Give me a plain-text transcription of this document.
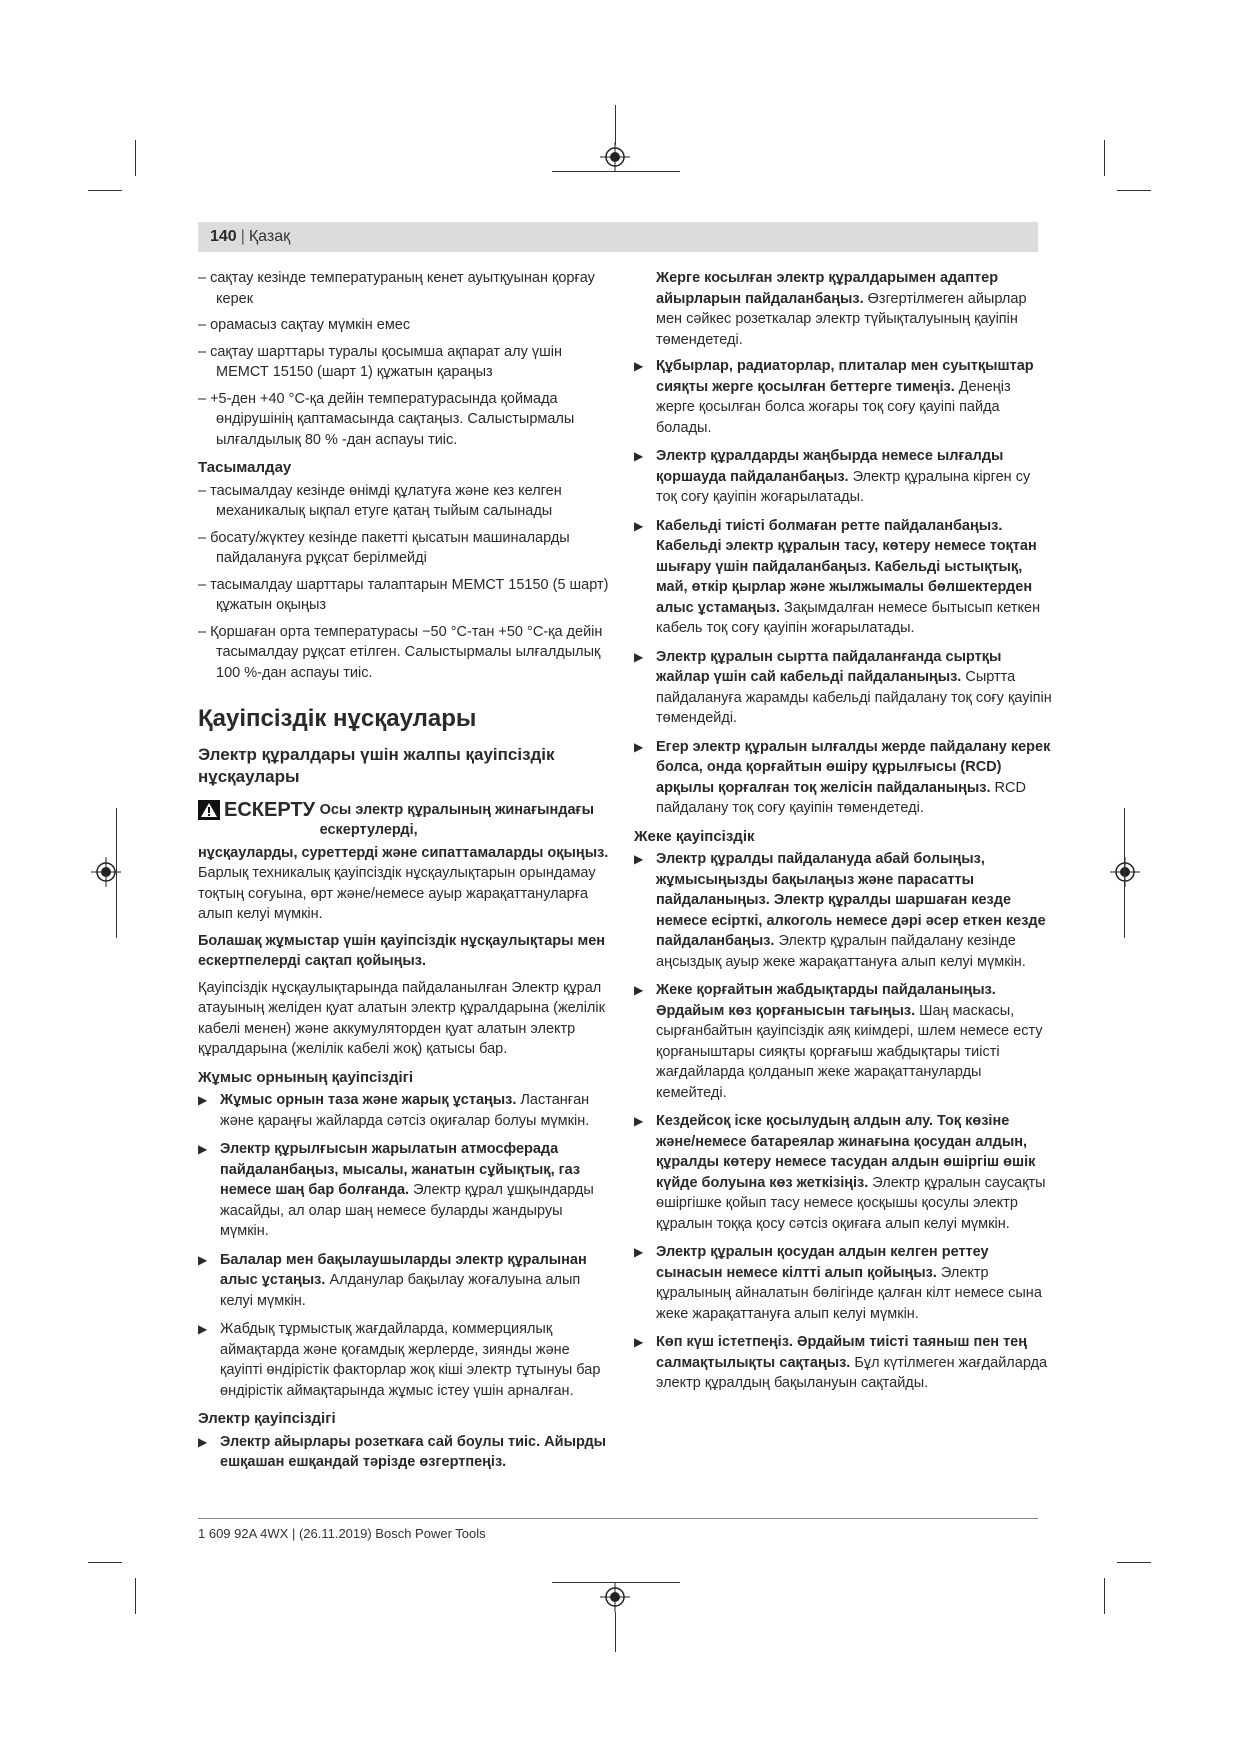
140 | Қазақ

– сақтау кезінде температураның кенет ауытқуынан қорғау керек

– орамасыз сақтау мүмкін емес

– сақтау шарттары туралы қосымша ақпарат алу үшін МЕМСТ 15150 (шарт 1) құжатын қараңыз

– +5-ден +40 °C-қа дейін температурасында қоймада өндірушінің қаптамасында сақтаңыз. Салыстырмалы ылғалдылық 80 % -дан аспауы тиіс.

Тасымалдау

– тасымалдау кезінде өнімді құлатуға және кез келген механикалық ықпал етуге қатаң тыйым салынады

– босату/жүктеу кезінде пакетті қысатын машиналарды пайдалануға рұқсат берілмейді

– тасымалдау шарттары талаптарын МЕМСТ 15150 (5 шарт) құжатын оқыңыз

– Қоршаған орта температурасы −50 °C-тан +50 °C-қа дейін тасымалдау рұқсат етілген. Салыстырмалы ылғалдылық 100 %-дан аспауы тиіс.

Қауіпсіздік нұсқаулары
Электр құралдары үшін жалпы қауіпсіздік нұсқаулары
ЕСКЕРТУ Осы электр құралының жинағындағы ескертулерді,

нұсқауларды, суреттерді және сипаттамаларды оқыңыз. Барлық техникалық қауіпсіздік нұсқаулықтарын орындамау тоқтың соғуына, өрт және/немесе ауыр жарақаттануларға алып келуі мүмкін.

Болашақ жұмыстар үшін қауіпсіздік нұсқаулықтары мен ескертпелерді сақтап қойыңыз.

Қауіпсіздік нұсқаулықтарында пайдаланылған Электр құрал атауының желіден қуат алатын электр құралдарына (желілік кабелі менен) және аккумуляторден қуат алатын электр құралдарына (желілік кабелі жоқ) қатысы бар.

Жұмыс орнының қауіпсіздігі
▶ Жұмыс орнын таза және жарық ұстаңыз. Ластанған және қараңғы жайларда сәтсіз оқиғалар болуы мүмкін.
▶ Электр құрылғысын жарылатын атмосферада пайдаланбаңыз, мысалы, жанатын сұйықтық, газ немесе шаң бар болғанда. Электр құрал ұшқындарды жасайды, ал олар шаң немесе буларды жандыруы мүмкін.
▶ Балалар мен бақылаушыларды электр құралынан алыс ұстаңыз. Алданулар бақылау жоғалуына алып келуі мүмкін.
▶ Жабдық тұрмыстық жағдайларда, коммерциялық аймақтарда және қоғамдық жерлерде, зиянды және қауіпті өндірістік факторлар жоқ кіші электр тұтынуы бар өндірістік аймақтарында жұмыс істеу үшін арналған.
Электр қауіпсіздігі
▶ Электр айырлары розеткаға сай боулы тиіс. Айырды ешқашан ешқандай тәрізде өзгертпеңіз.

Жерге косылған электр құралдарымен адаптер айырларын пайдаланбаңыз. Өзгертілмеген айырлар мен сәйкес розеткалар электр түйықталуының қауіпін төмендетеді.

▶ Құбырлар, радиаторлар, плиталар мен суытқыштар сияқты жерге қосылған беттерге тимеңіз. Денеңіз жерге қосылған болса жоғары тоқ соғу қауіпі пайда болады.
▶ Электр құралдарды жаңбырда немесе ылғалды қоршауда пайдаланбаңыз. Электр құралына кірген су тоқ соғу қауіпін жоғарылатады.
▶ Кабельді тиісті болмаған ретте пайдаланбаңыз. Кабельді электр құралын тасу, көтеру немесе тоқтан шығару үшін пайдаланбаңыз. Кабельді ыстықтық, май, өткір қырлар және жылжымалы бөлшектерден алыс ұстамаңыз. Зақымдалған немесе бытысып кеткен кабель тоқ соғу қауіпін жоғарылатады.
▶ Электр құралын сыртта пайдаланғанда сыртқы жайлар үшін сай кабельді пайдаланыңыз. Сыртта пайдалануға жарамды кабельді пайдалану тоқ соғу қауіпін төмендейді.
▶ Егер электр құралын ылғалды жерде пайдалану керек болса, онда қорғайтын өшіру құрылғысы (RCD) арқылы қорғалған тоқ желісін пайдаланыңыз. RCD пайдалану тоқ соғу қауіпін төмендетеді.
Жеке қауіпсіздік
▶ Электр құралды пайдалануда абай болыңыз, жұмысыңызды бақылаңыз және парасатты пайдаланыңыз. Электр құралды шаршаған кезде немесе есірткі, алкоголь немесе дәрі әсер еткен кезде пайдаланбаңыз. Электр құралын пайдалану кезінде аңсыздық ауыр жеке жарақаттануға алып келуі мүмкін.
▶ Жеке қорғайтын жабдықтарды пайдаланыңыз. Әрдайым көз қорғанысын тағыңыз. Шаң маскасы, сырғанбайтын қауіпсіздік аяқ киімдері, шлем немесе есту қорғаныштары сияқты қорғағыш жабдықтары тиісті жағдайларда қолданып жеке жарақаттануларды кемейтеді.
▶ Кездейсоқ іске қосылудың алдын алу. Тоқ көзіне және/немесе батареялар жинағына қосудан алдын, құралды көтеру немесе тасудан алдын өшіргіш өшік күйде болуына көз жеткізіңіз. Электр құралын саусақты өшіргішке қойып тасу немесе қосқышы қосулы электр құралын тоққа қосу сәтсіз оқиғаға алып келуі мүмкін.
▶ Электр құралын қосудан алдын келген реттеу сынасын немесе кілтті алып қойыңыз. Электр құралының айналатын бөлігінде қалған кілт немесе сына жеке жарақаттануға алып келуі мүмкін.
▶ Көп күш істетпеңіз. Әрдайым тиісті таяныш пен тең салмақтылықты сақтаңыз. Бұл күтілмеген жағдайларда электр құралдың бақылануын сақтайды.
1 609 92A 4WX | (26.11.2019) Bosch Power Tools
